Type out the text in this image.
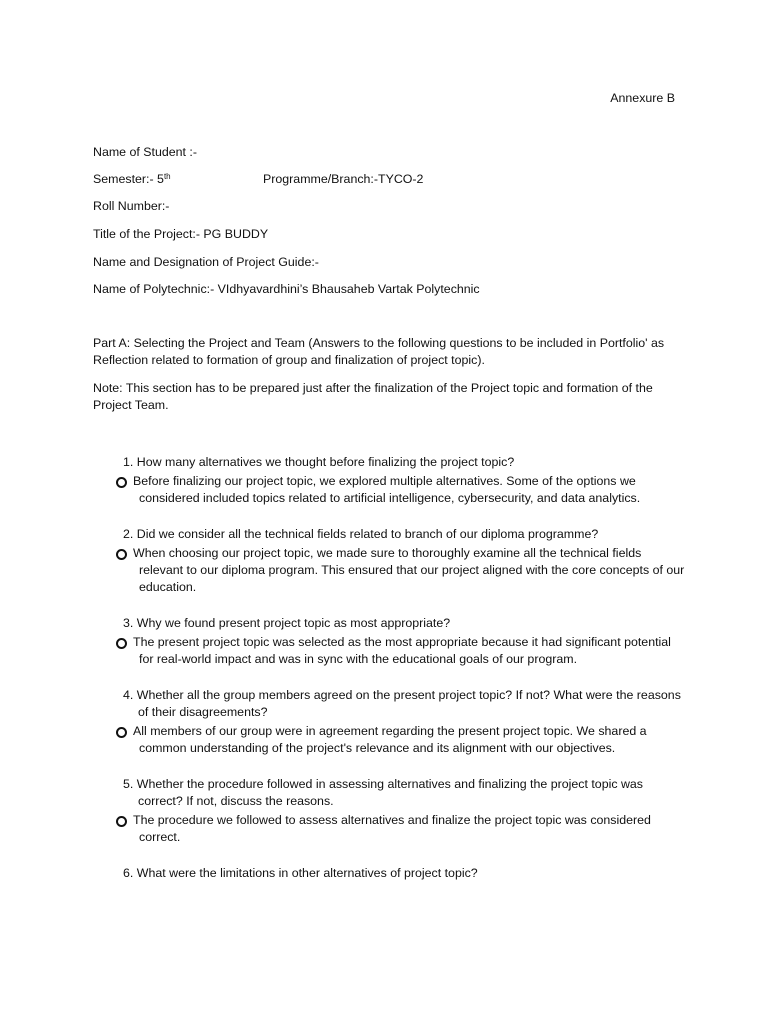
Annexure B
Name of Student :-
Semester:- 5th	Programme/Branch:-TYCO-2
Roll Number:-
Title of the Project:- PG BUDDY
Name and Designation of Project Guide:-
Name of Polytechnic:- VIdhyavardhini’s Bhausaheb Vartak Polytechnic
Part A: Selecting the Project and Team (Answers to the following questions to be included in Portfolio' as Reflection related to formation of group and finalization of project topic).
Note: This section has to be prepared just after the finalization of the Project topic and formation of the Project Team.

1. How many alternatives we thought before finalizing the project topic?

Before finalizing our project topic, we explored multiple alternatives. Some of the options we considered included topics related to artificial intelligence, cybersecurity, and data analytics.

2. Did we consider all the technical fields related to branch of our diploma programme?

When choosing our project topic, we made sure to thoroughly examine all the technical fields relevant to our diploma program. This ensured that our project aligned with the core concepts of our education.

3. Why we found present project topic as most appropriate?

The present project topic was selected as the most appropriate because it had significant potential for real-world impact and was in sync with the educational goals of our program.

4. Whether all the group members agreed on the present project topic? If not? What were the reasons of their disagreements?

All members of our group were in agreement regarding the present project topic. We shared a common understanding of the project's relevance and its alignment with our objectives.

5. Whether the procedure followed in assessing alternatives and finalizing the project topic was correct? If not, discuss the reasons.

The procedure we followed to assess alternatives and finalize the project topic was considered correct.

6. What were the limitations in other alternatives of project topic?
